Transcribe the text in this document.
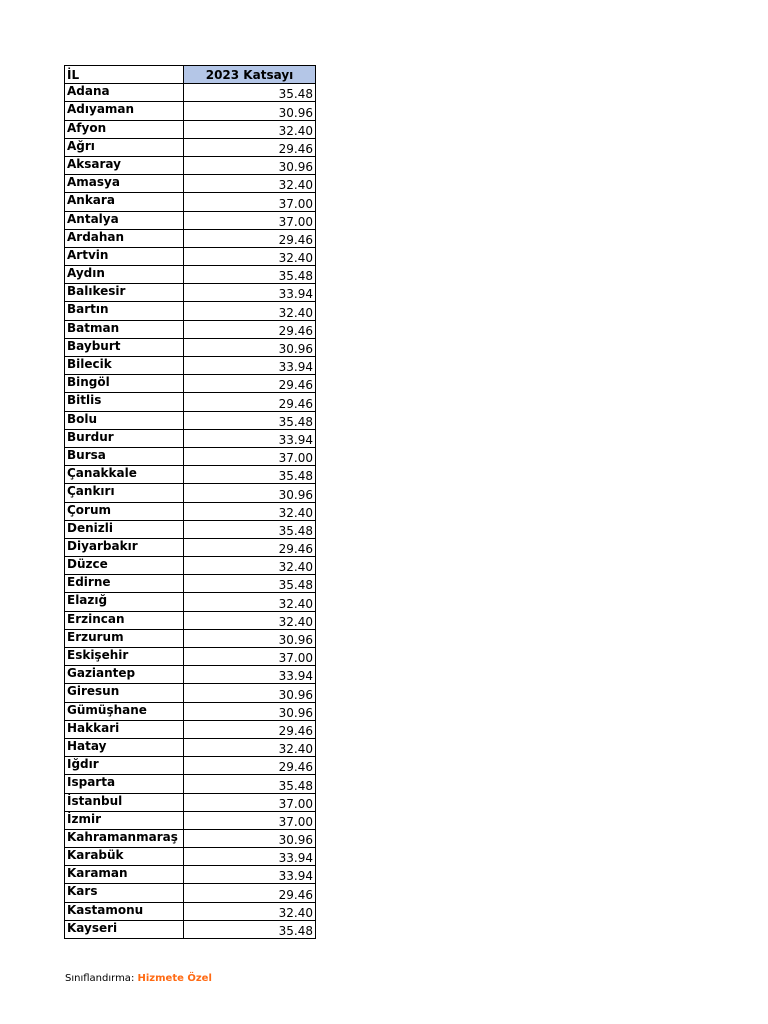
İL	2023 Katsayı
Adana	35.48
Adıyaman	30.96
Afyon	32.40
Ağrı	29.46
Aksaray	30.96
Amasya	32.40
Ankara	37.00
Antalya	37.00
Ardahan	29.46
Artvin	32.40
Aydın	35.48
Balıkesir	33.94
Bartın	32.40
Batman	29.46
Bayburt	30.96
Bilecik	33.94
Bingöl	29.46
Bitlis	29.46
Bolu	35.48
Burdur	33.94
Bursa	37.00
Çanakkale	35.48
Çankırı	30.96
Çorum	32.40
Denizli	35.48
Diyarbakır	29.46
Düzce	32.40
Edirne	35.48
Elazığ	32.40
Erzincan	32.40
Erzurum	30.96
Eskişehir	37.00
Gaziantep	33.94
Giresun	30.96
Gümüşhane	30.96
Hakkari	29.46
Hatay	32.40
Iğdır	29.46
Isparta	35.48
İstanbul	37.00
İzmir	37.00
Kahramanmaraş	30.96
Karabük	33.94
Karaman	33.94
Kars	29.46
Kastamonu	32.40
Kayseri	35.48
Sınıflandırma: Hizmete Özel
